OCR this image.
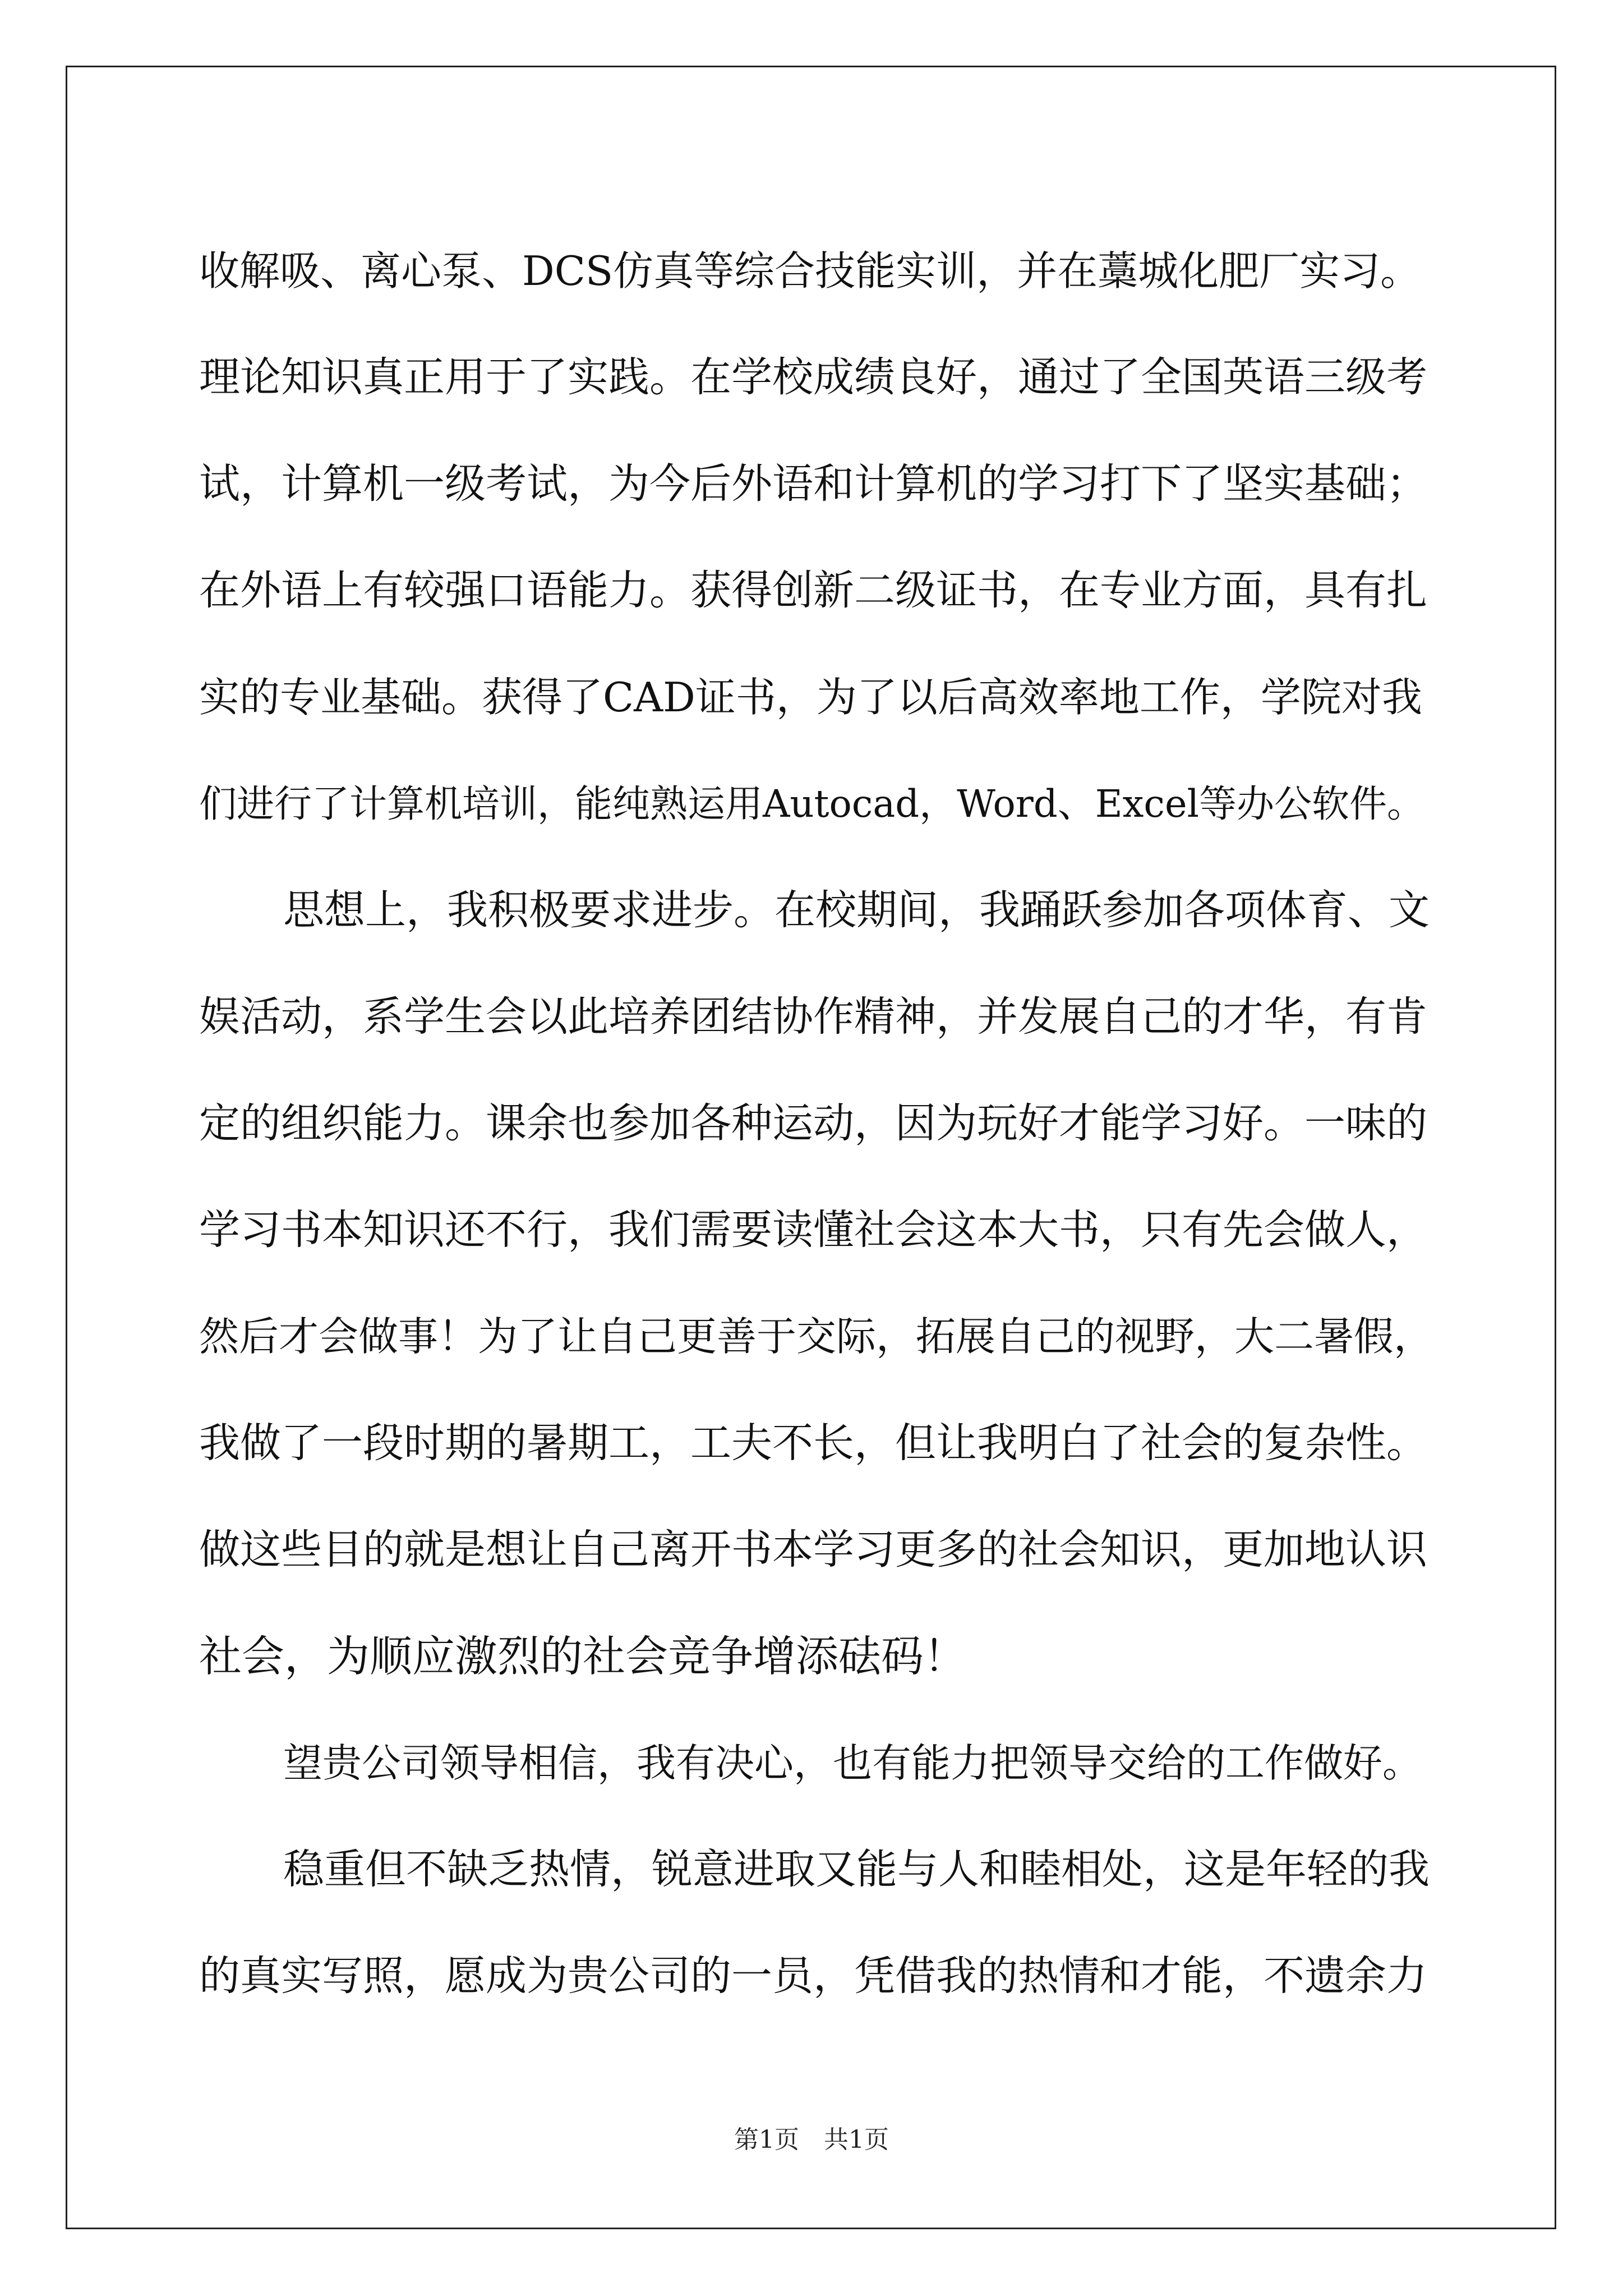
收解吸、离心泵、DCS仿真等综合技能实训，并在藁城化肥厂实习。
理论知识真正用于了实践。在学校成绩良好，通过了全国英语三级考
试，计算机一级考试，为今后外语和计算机的学习打下了坚实基础；
在外语上有较强口语能力。获得创新二级证书，在专业方面，具有扎
实的专业基础。获得了CAD证书，为了以后高效率地工作，学院对我
们进行了计算机培训，能纯熟运用Autocad，Word、Excel等办公软件。
思想上，我积极要求进步。在校期间，我踊跃参加各项体育、文
娱活动，系学生会以此培养团结协作精神，并发展自己的才华，有肯
定的组织能力。课余也参加各种运动，因为玩好才能学习好。一味的
学习书本知识还不行，我们需要读懂社会这本大书，只有先会做人，
然后才会做事！为了让自己更善于交际，拓展自己的视野，大二暑假，
我做了一段时期的暑期工，工夫不长，但让我明白了社会的复杂性。
做这些目的就是想让自己离开书本学习更多的社会知识，更加地认识
社会，为顺应激烈的社会竞争增添砝码！
望贵公司领导相信，我有决心，也有能力把领导交给的工作做好。
稳重但不缺乏热情，锐意进取又能与人和睦相处，这是年轻的我
的真实写照，愿成为贵公司的一员，凭借我的热情和才能，不遗余力
第1页　共1页
